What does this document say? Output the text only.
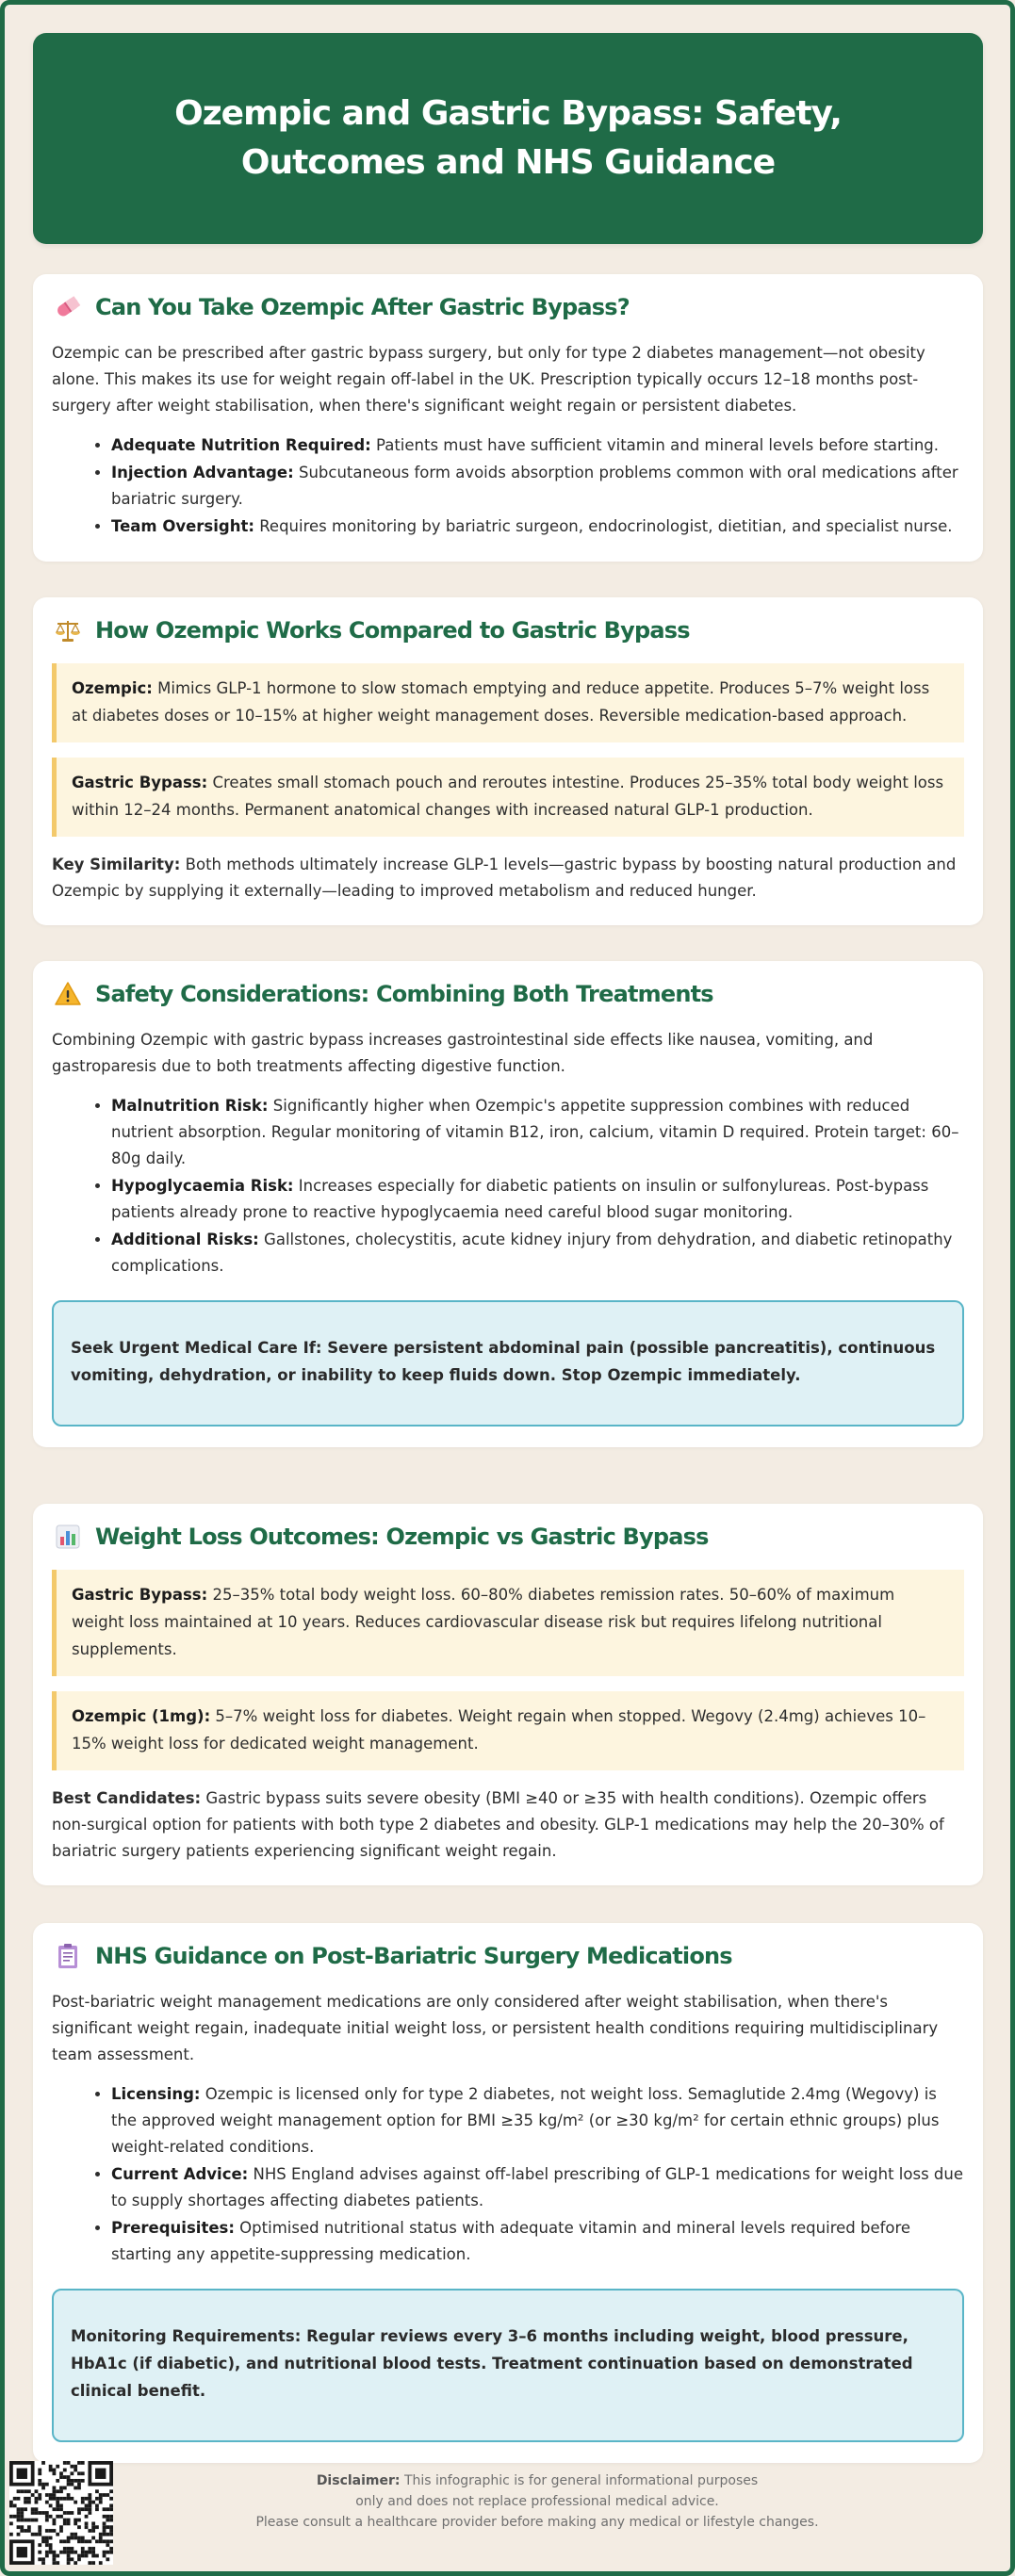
Ozempic and Gastric Bypass: Safety, Outcomes and NHS Guidance
Can You Take Ozempic After Gastric Bypass?

Ozempic can be prescribed after gastric bypass surgery, but only for type 2 diabetes management—not obesity alone. This makes its use for weight regain off-label in the UK. Prescription typically occurs 12–18 months post-surgery after weight stabilisation, when there's significant weight regain or persistent diabetes.

• Adequate Nutrition Required: Patients must have sufficient vitamin and mineral levels before starting.
• Injection Advantage: Subcutaneous form avoids absorption problems common with oral medications after bariatric surgery.
• Team Oversight: Requires monitoring by bariatric surgeon, endocrinologist, dietitian, and specialist nurse.
How Ozempic Works Compared to Gastric Bypass
Ozempic: Mimics GLP-1 hormone to slow stomach emptying and reduce appetite. Produces 5–7% weight loss at diabetes doses or 10–15% at higher weight management doses. Reversible medication-based approach.
Gastric Bypass: Creates small stomach pouch and reroutes intestine. Produces 25–35% total body weight loss within 12–24 months. Permanent anatomical changes with increased natural GLP-1 production.

Key Similarity: Both methods ultimately increase GLP-1 levels—gastric bypass by boosting natural production and Ozempic by supplying it externally—leading to improved metabolism and reduced hunger.

Safety Considerations: Combining Both Treatments

Combining Ozempic with gastric bypass increases gastrointestinal side effects like nausea, vomiting, and gastroparesis due to both treatments affecting digestive function.

• Malnutrition Risk: Significantly higher when Ozempic's appetite suppression combines with reduced nutrient absorption. Regular monitoring of vitamin B12, iron, calcium, vitamin D required. Protein target: 60–80g daily.
• Hypoglycaemia Risk: Increases especially for diabetic patients on insulin or sulfonylureas. Post-bypass patients already prone to reactive hypoglycaemia need careful blood sugar monitoring.
• Additional Risks: Gallstones, cholecystitis, acute kidney injury from dehydration, and diabetic retinopathy complications.
Seek Urgent Medical Care If: Severe persistent abdominal pain (possible pancreatitis), continuous vomiting, dehydration, or inability to keep fluids down. Stop Ozempic immediately.
Weight Loss Outcomes: Ozempic vs Gastric Bypass
Gastric Bypass: 25–35% total body weight loss. 60–80% diabetes remission rates. 50–60% of maximum weight loss maintained at 10 years. Reduces cardiovascular disease risk but requires lifelong nutritional supplements.
Ozempic (1mg): 5–7% weight loss for diabetes. Weight regain when stopped. Wegovy (2.4mg) achieves 10–15% weight loss for dedicated weight management.

Best Candidates: Gastric bypass suits severe obesity (BMI ≥40 or ≥35 with health conditions). Ozempic offers non-surgical option for patients with both type 2 diabetes and obesity. GLP-1 medications may help the 20–30% of bariatric surgery patients experiencing significant weight regain.

NHS Guidance on Post-Bariatric Surgery Medications

Post-bariatric weight management medications are only considered after weight stabilisation, when there's significant weight regain, inadequate initial weight loss, or persistent health conditions requiring multidisciplinary team assessment.

• Licensing: Ozempic is licensed only for type 2 diabetes, not weight loss. Semaglutide 2.4mg (Wegovy) is the approved weight management option for BMI ≥35 kg/m² (or ≥30 kg/m² for certain ethnic groups) plus weight-related conditions.
• Current Advice: NHS England advises against off-label prescribing of GLP-1 medications for weight loss due to supply shortages affecting diabetes patients.
• Prerequisites: Optimised nutritional status with adequate vitamin and mineral levels required before starting any appetite-suppressing medication.
Monitoring Requirements: Regular reviews every 3–6 months including weight, blood pressure, HbA1c (if diabetic), and nutritional blood tests. Treatment continuation based on demonstrated clinical benefit.
Disclaimer: This infographic is for general informational purposes
only and does not replace professional medical advice.
Please consult a healthcare provider before making any medical or lifestyle changes.
